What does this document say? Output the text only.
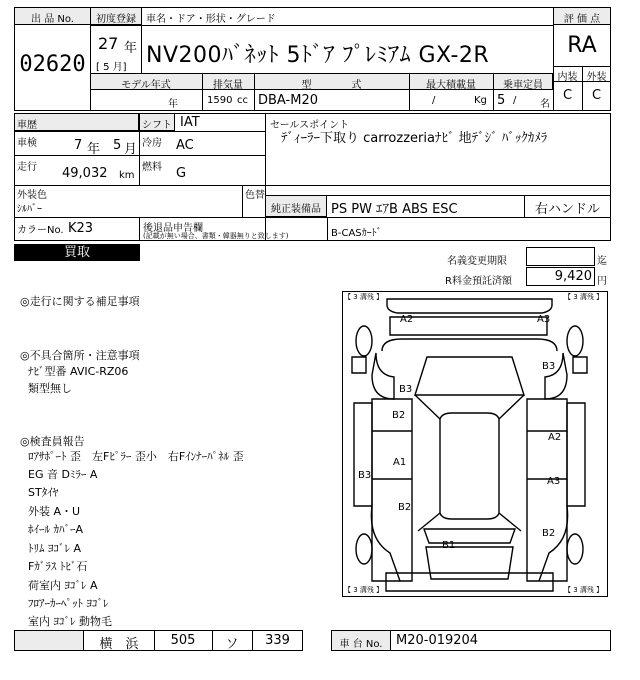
出 品 No.
02620
初度登録
27 年
[ 5 月]
車名・ドア・形状・グレード
NV200ﾊﾞﾈｯﾄ 5ﾄﾞｱ ﾌﾟﾚﾐｱﾑ GX-2R
モデル年式	排気量	型　　　　式	最大積載量	乗車定員
年	1590 cc DBA-M20	/	Kg 5 / 名
評 価 点
RA
内装 外装
C	C
車歴
車検	7 年 5 月
走行 49,032 km
シフト IAT
冷房 AC
燃料 G
セールスポイント
ﾃﾞｨｰﾗｰ下取り carrozzeriaﾅﾋﾞ 地ﾃﾞｼﾞ ﾊﾞｯｸｶﾒﾗ
外装色
ｼﾙﾊﾞｰ
色替
純正装備品 PS PW ｴｱB ABS ESC	右ハンドル
カラーNo. K23	後退品申告欄
(記載が無い場合、書類・韓器無りと致します)	B-CASｶｰﾄﾞ
買取
名義変更期限	迄
R料金預託済額	9,420 円
◎走行に関する補足事項
◎不具合箇所・注意事項
ﾅﾋﾞ型番 AVIC-RZ06
類型無し
◎検査員報告
ﾛｱｻﾎﾟｰﾄ 歪　左Fﾋﾟﾗｰ 歪小　右Fｲﾝﾅｰﾊﾟﾈﾙ 歪
EG 音 Dﾐﾗｰ A
STﾀｲﾔ
外装 A・U
ﾎｲｰﾙ ｶﾊﾞｰA
ﾄﾘﾑ ﾖｺﾞﾚ A
Fｶﾞﾗｽ ﾄﾋﾞ石
荷室内 ﾖｺﾞﾚ A
ﾌﾛｱｰｶｰﾍﾟｯﾄ ﾖｺﾞﾚ
室内 ﾖｺﾞﾚ 動物毛
【 3 溝残 】	【 3 溝残 】
【 3 溝残 】	【 3 溝残 】
A2	A3
B3
B3
B2
A2
A1
A3
B3
B2
B2
B1
横　浜	505	ソ	339	車 台 No.	M20-019204
